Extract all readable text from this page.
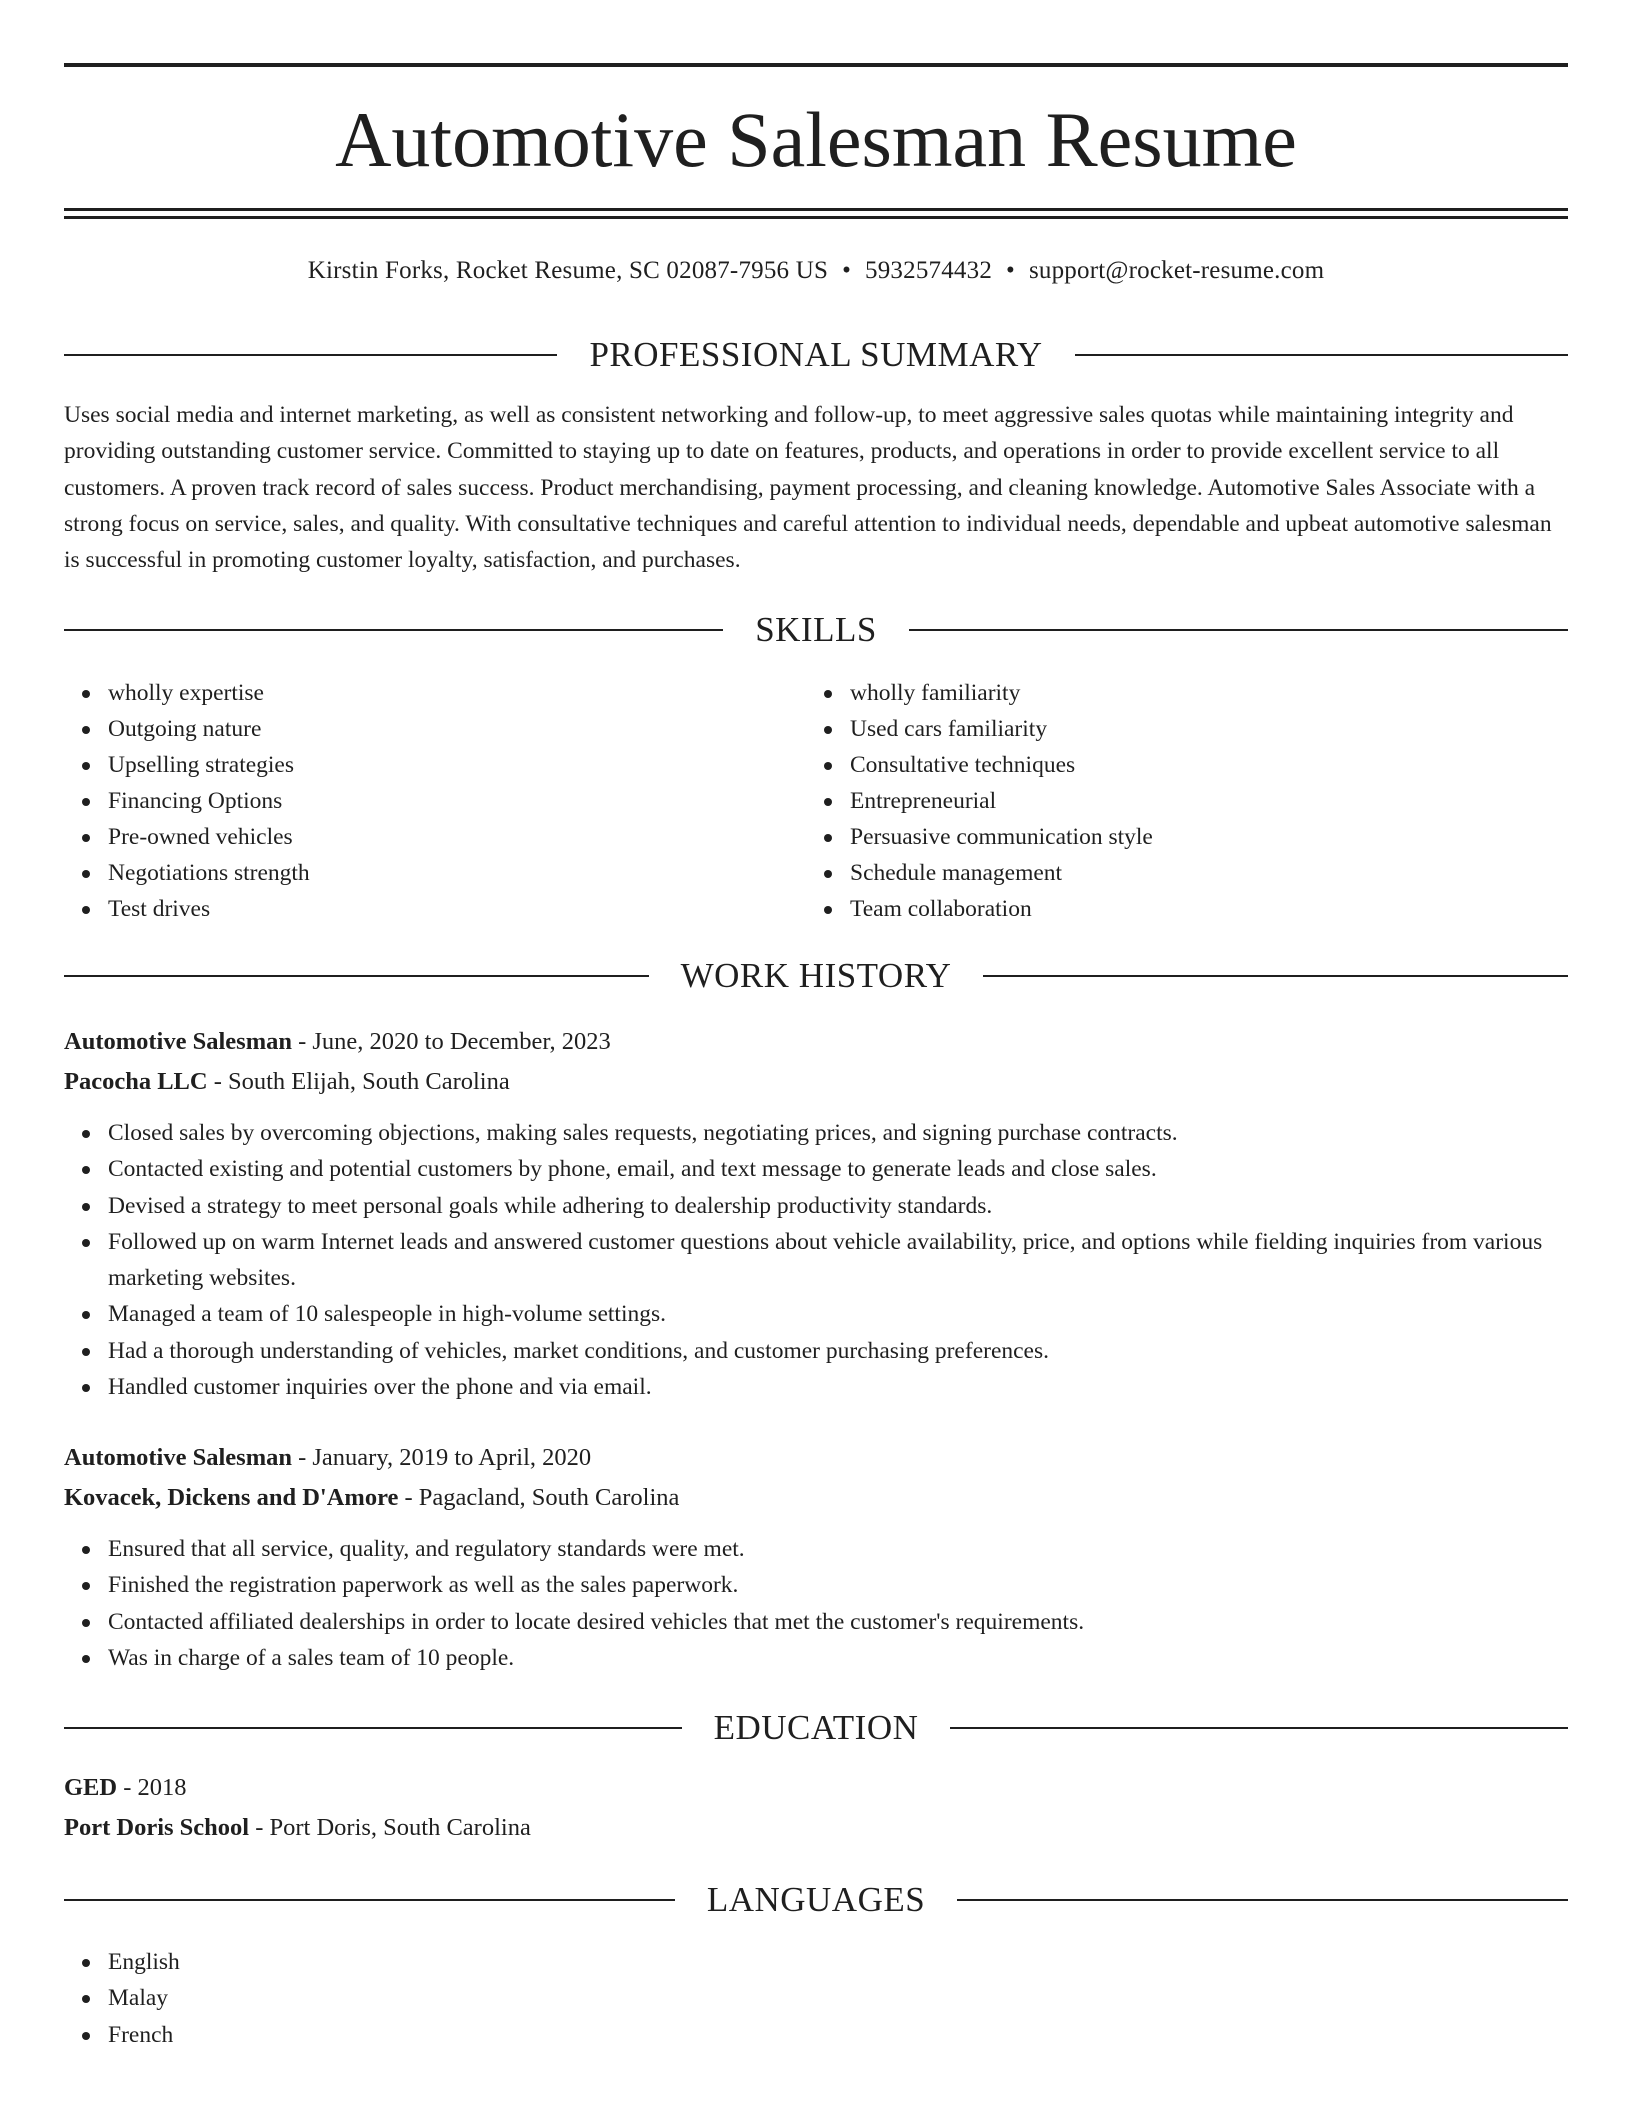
Automotive Salesman Resume
Kirstin Forks, Rocket Resume, SC 02087-7956 US • 5932574432 • support@rocket-resume.com
PROFESSIONAL SUMMARY

Uses social media and internet marketing, as well as consistent networking and follow-up, to meet aggressive sales quotas while maintaining integrity and providing outstanding customer service. Committed to staying up to date on features, products, and operations in order to provide excellent service to all customers. A proven track record of sales success. Product merchandising, payment processing, and cleaning knowledge. Automotive Sales Associate with a strong focus on service, sales, and quality. With consultative techniques and careful attention to individual needs, dependable and upbeat automotive salesman is successful in promoting customer loyalty, satisfaction, and purchases.

SKILLS
wholly expertise
Outgoing nature
Upselling strategies
Financing Options
Pre-owned vehicles
Negotiations strength
Test drives
wholly familiarity
Used cars familiarity
Consultative techniques
Entrepreneurial
Persuasive communication style
Schedule management
Team collaboration
WORK HISTORY
Automotive Salesman - June, 2020 to December, 2023
Pacocha LLC - South Elijah, South Carolina
Closed sales by overcoming objections, making sales requests, negotiating prices, and signing purchase contracts.
Contacted existing and potential customers by phone, email, and text message to generate leads and close sales.
Devised a strategy to meet personal goals while adhering to dealership productivity standards.
Followed up on warm Internet leads and answered customer questions about vehicle availability, price, and options while fielding inquiries from various marketing websites.
Managed a team of 10 salespeople in high-volume settings.
Had a thorough understanding of vehicles, market conditions, and customer purchasing preferences.
Handled customer inquiries over the phone and via email.
Automotive Salesman - January, 2019 to April, 2020
Kovacek, Dickens and D'Amore - Pagacland, South Carolina
Ensured that all service, quality, and regulatory standards were met.
Finished the registration paperwork as well as the sales paperwork.
Contacted affiliated dealerships in order to locate desired vehicles that met the customer's requirements.
Was in charge of a sales team of 10 people.
EDUCATION
GED - 2018
Port Doris School - Port Doris, South Carolina
LANGUAGES
English
Malay
French
